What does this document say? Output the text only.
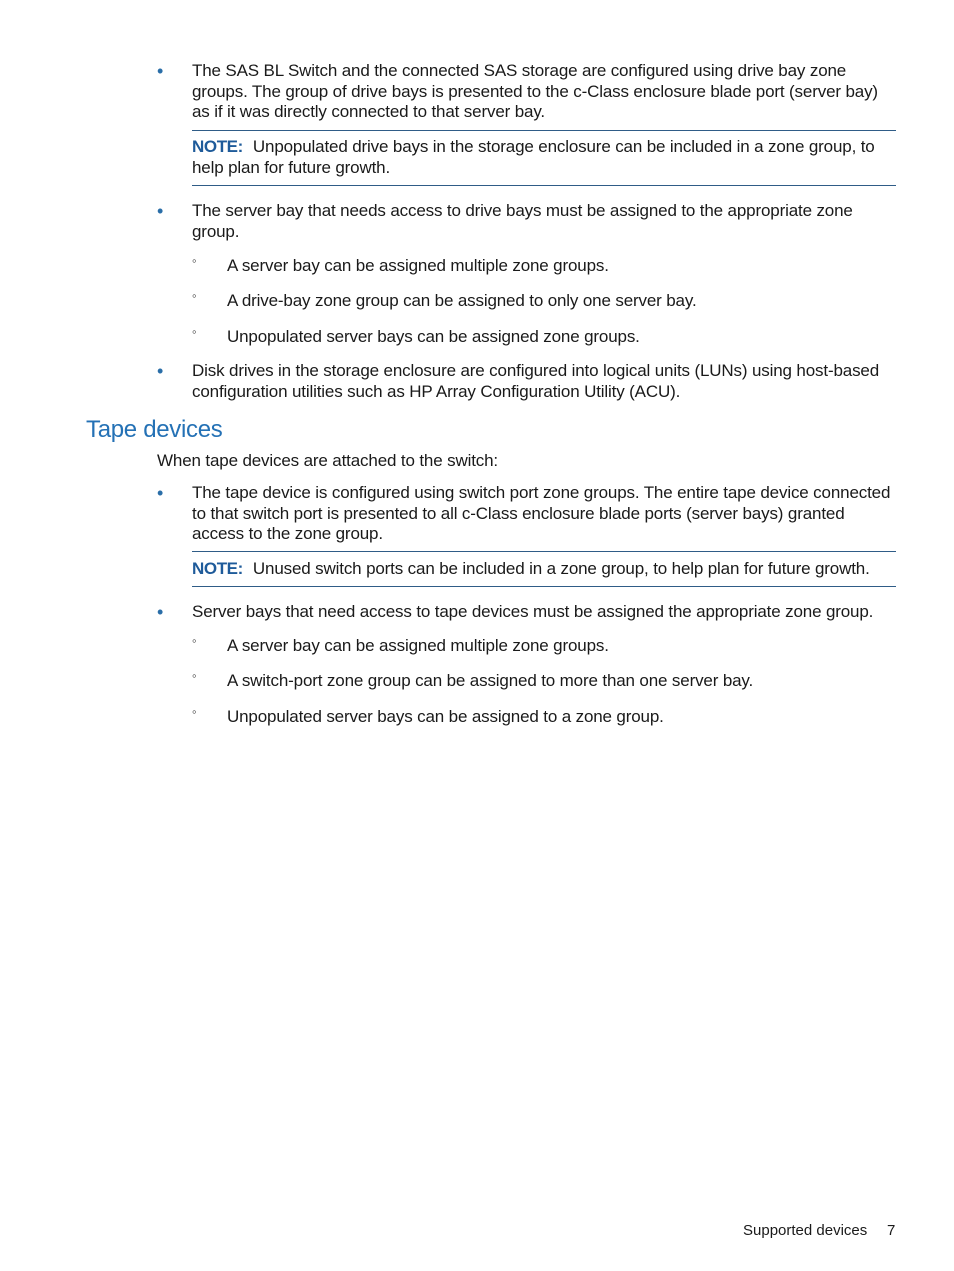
•	The SAS BL Switch and the connected SAS storage are configured using drive bay zone groups. The group of drive bays is presented to the c-Class enclosure blade port (server bay) as if it was directly connected to that server bay.
NOTE: Unpopulated drive bays in the storage enclosure can be included in a zone group, to help plan for future growth.
•	The server bay that needs access to drive bays must be assigned to the appropriate zone group.
◦ A server bay can be assigned multiple zone groups.
◦ A drive-bay zone group can be assigned to only one server bay.
◦ Unpopulated server bays can be assigned zone groups.
•	Disk drives in the storage enclosure are configured into logical units (LUNs) using host-based configuration utilities such as HP Array Configuration Utility (ACU).
Tape devices
When tape devices are attached to the switch:
•	The tape device is configured using switch port zone groups. The entire tape device connected to that switch port is presented to all c-Class enclosure blade ports (server bays) granted access to the zone group.
NOTE: Unused switch ports can be included in a zone group, to help plan for future growth.
•	Server bays that need access to tape devices must be assigned the appropriate zone group.
◦ A server bay can be assigned multiple zone groups.
◦ A switch-port zone group can be assigned to more than one server bay.
◦ Unpopulated server bays can be assigned to a zone group.
Supported devices 7
